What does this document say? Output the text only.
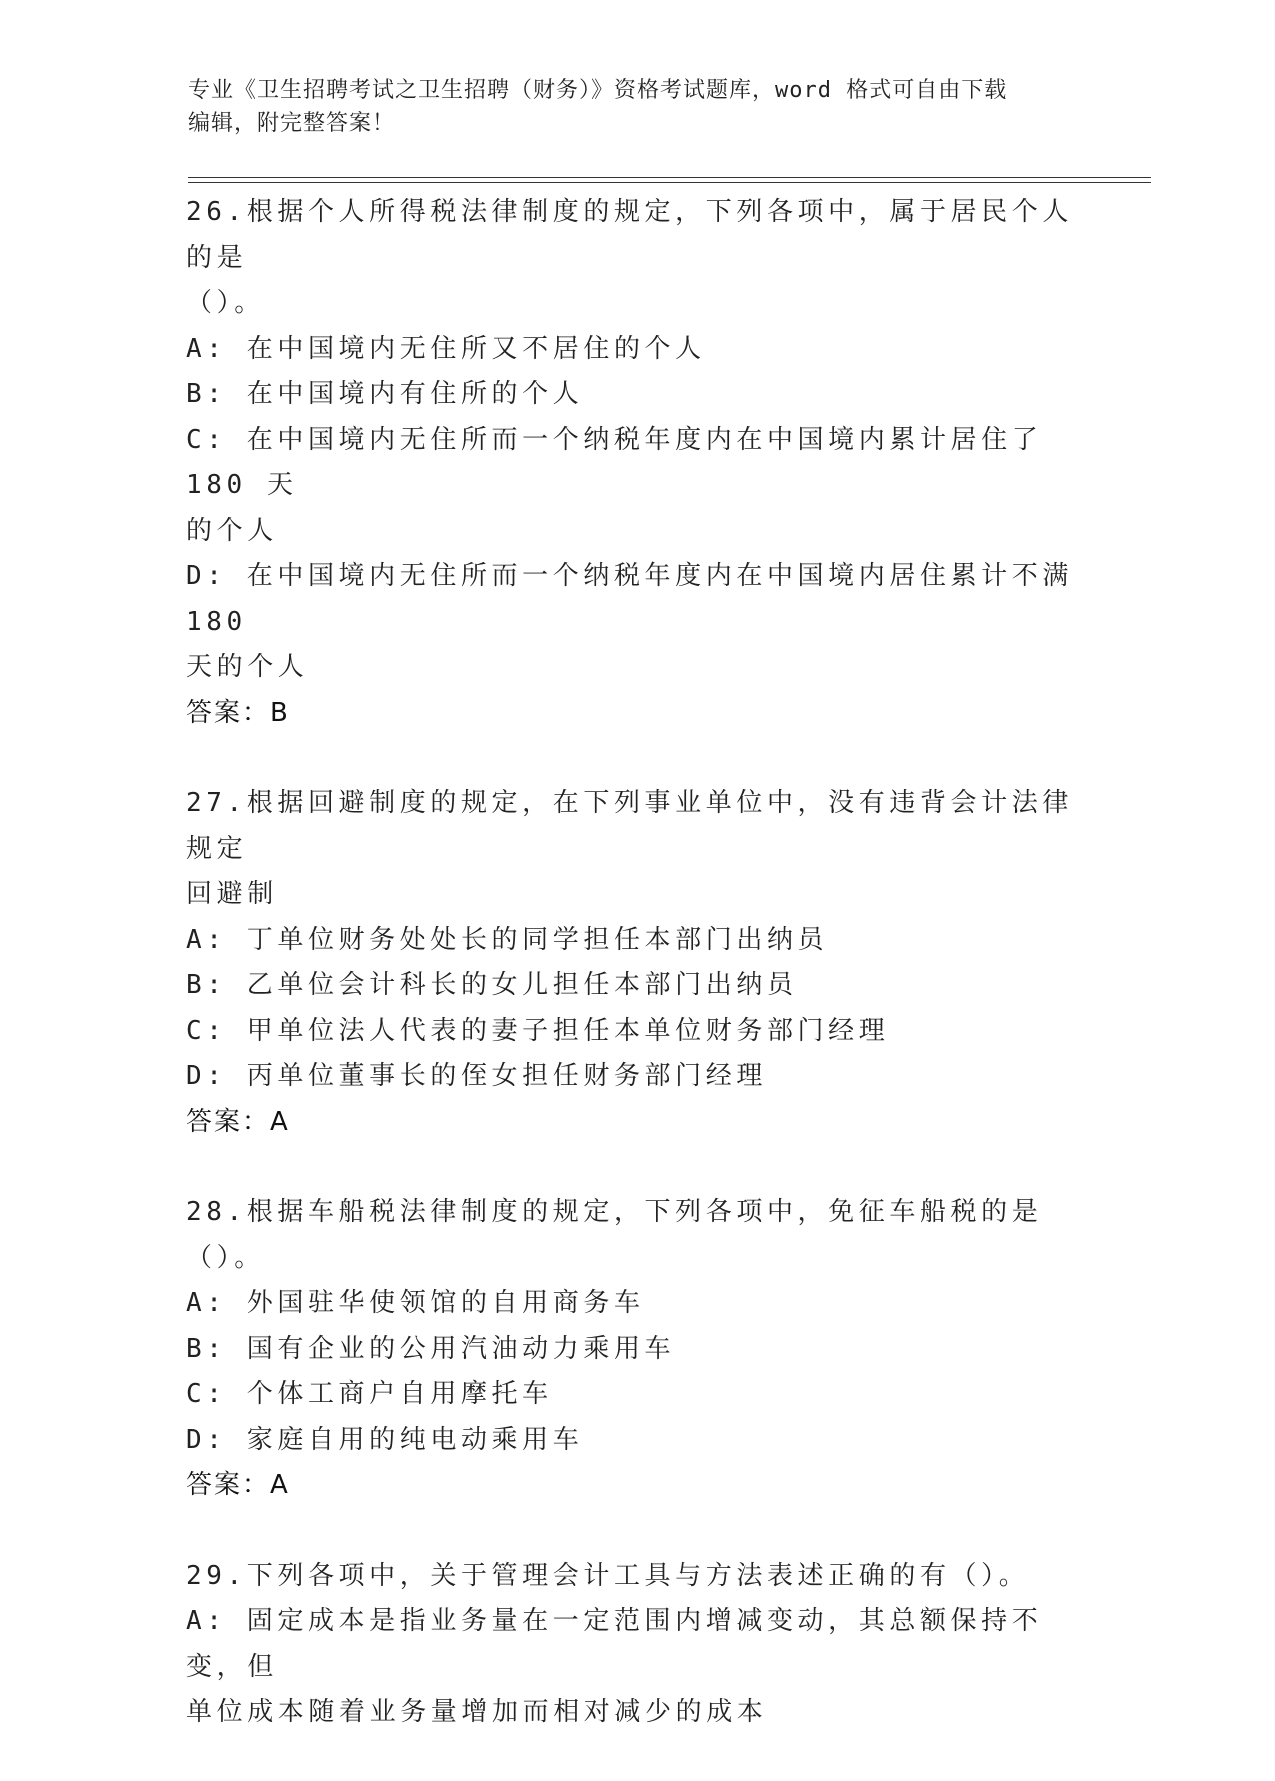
专业《卫生招聘考试之卫生招聘（财务）》资格考试题库，word 格式可自由下载
编辑，附完整答案！
26.根据个人所得税法律制度的规定，下列各项中，属于居民个人的是
（）。
A: 在中国境内无住所又不居住的个人
B: 在中国境内有住所的个人
C: 在中国境内无住所而一个纳税年度内在中国境内累计居住了 180 天
的个人
D: 在中国境内无住所而一个纳税年度内在中国境内居住累计不满 180
天的个人
答案：B
27.根据回避制度的规定，在下列事业单位中，没有违背会计法律规定
回避制
A: 丁单位财务处处长的同学担任本部门出纳员
B: 乙单位会计科长的女儿担任本部门出纳员
C: 甲单位法人代表的妻子担任本单位财务部门经理
D: 丙单位董事长的侄女担任财务部门经理
答案：A
28.根据车船税法律制度的规定，下列各项中，免征车船税的是（）。
A: 外国驻华使领馆的自用商务车
B: 国有企业的公用汽油动力乘用车
C: 个体工商户自用摩托车
D: 家庭自用的纯电动乘用车
答案：A
29.下列各项中，关于管理会计工具与方法表述正确的有（）。
A: 固定成本是指业务量在一定范围内增减变动，其总额保持不变，但
单位成本随着业务量增加而相对减少的成本
